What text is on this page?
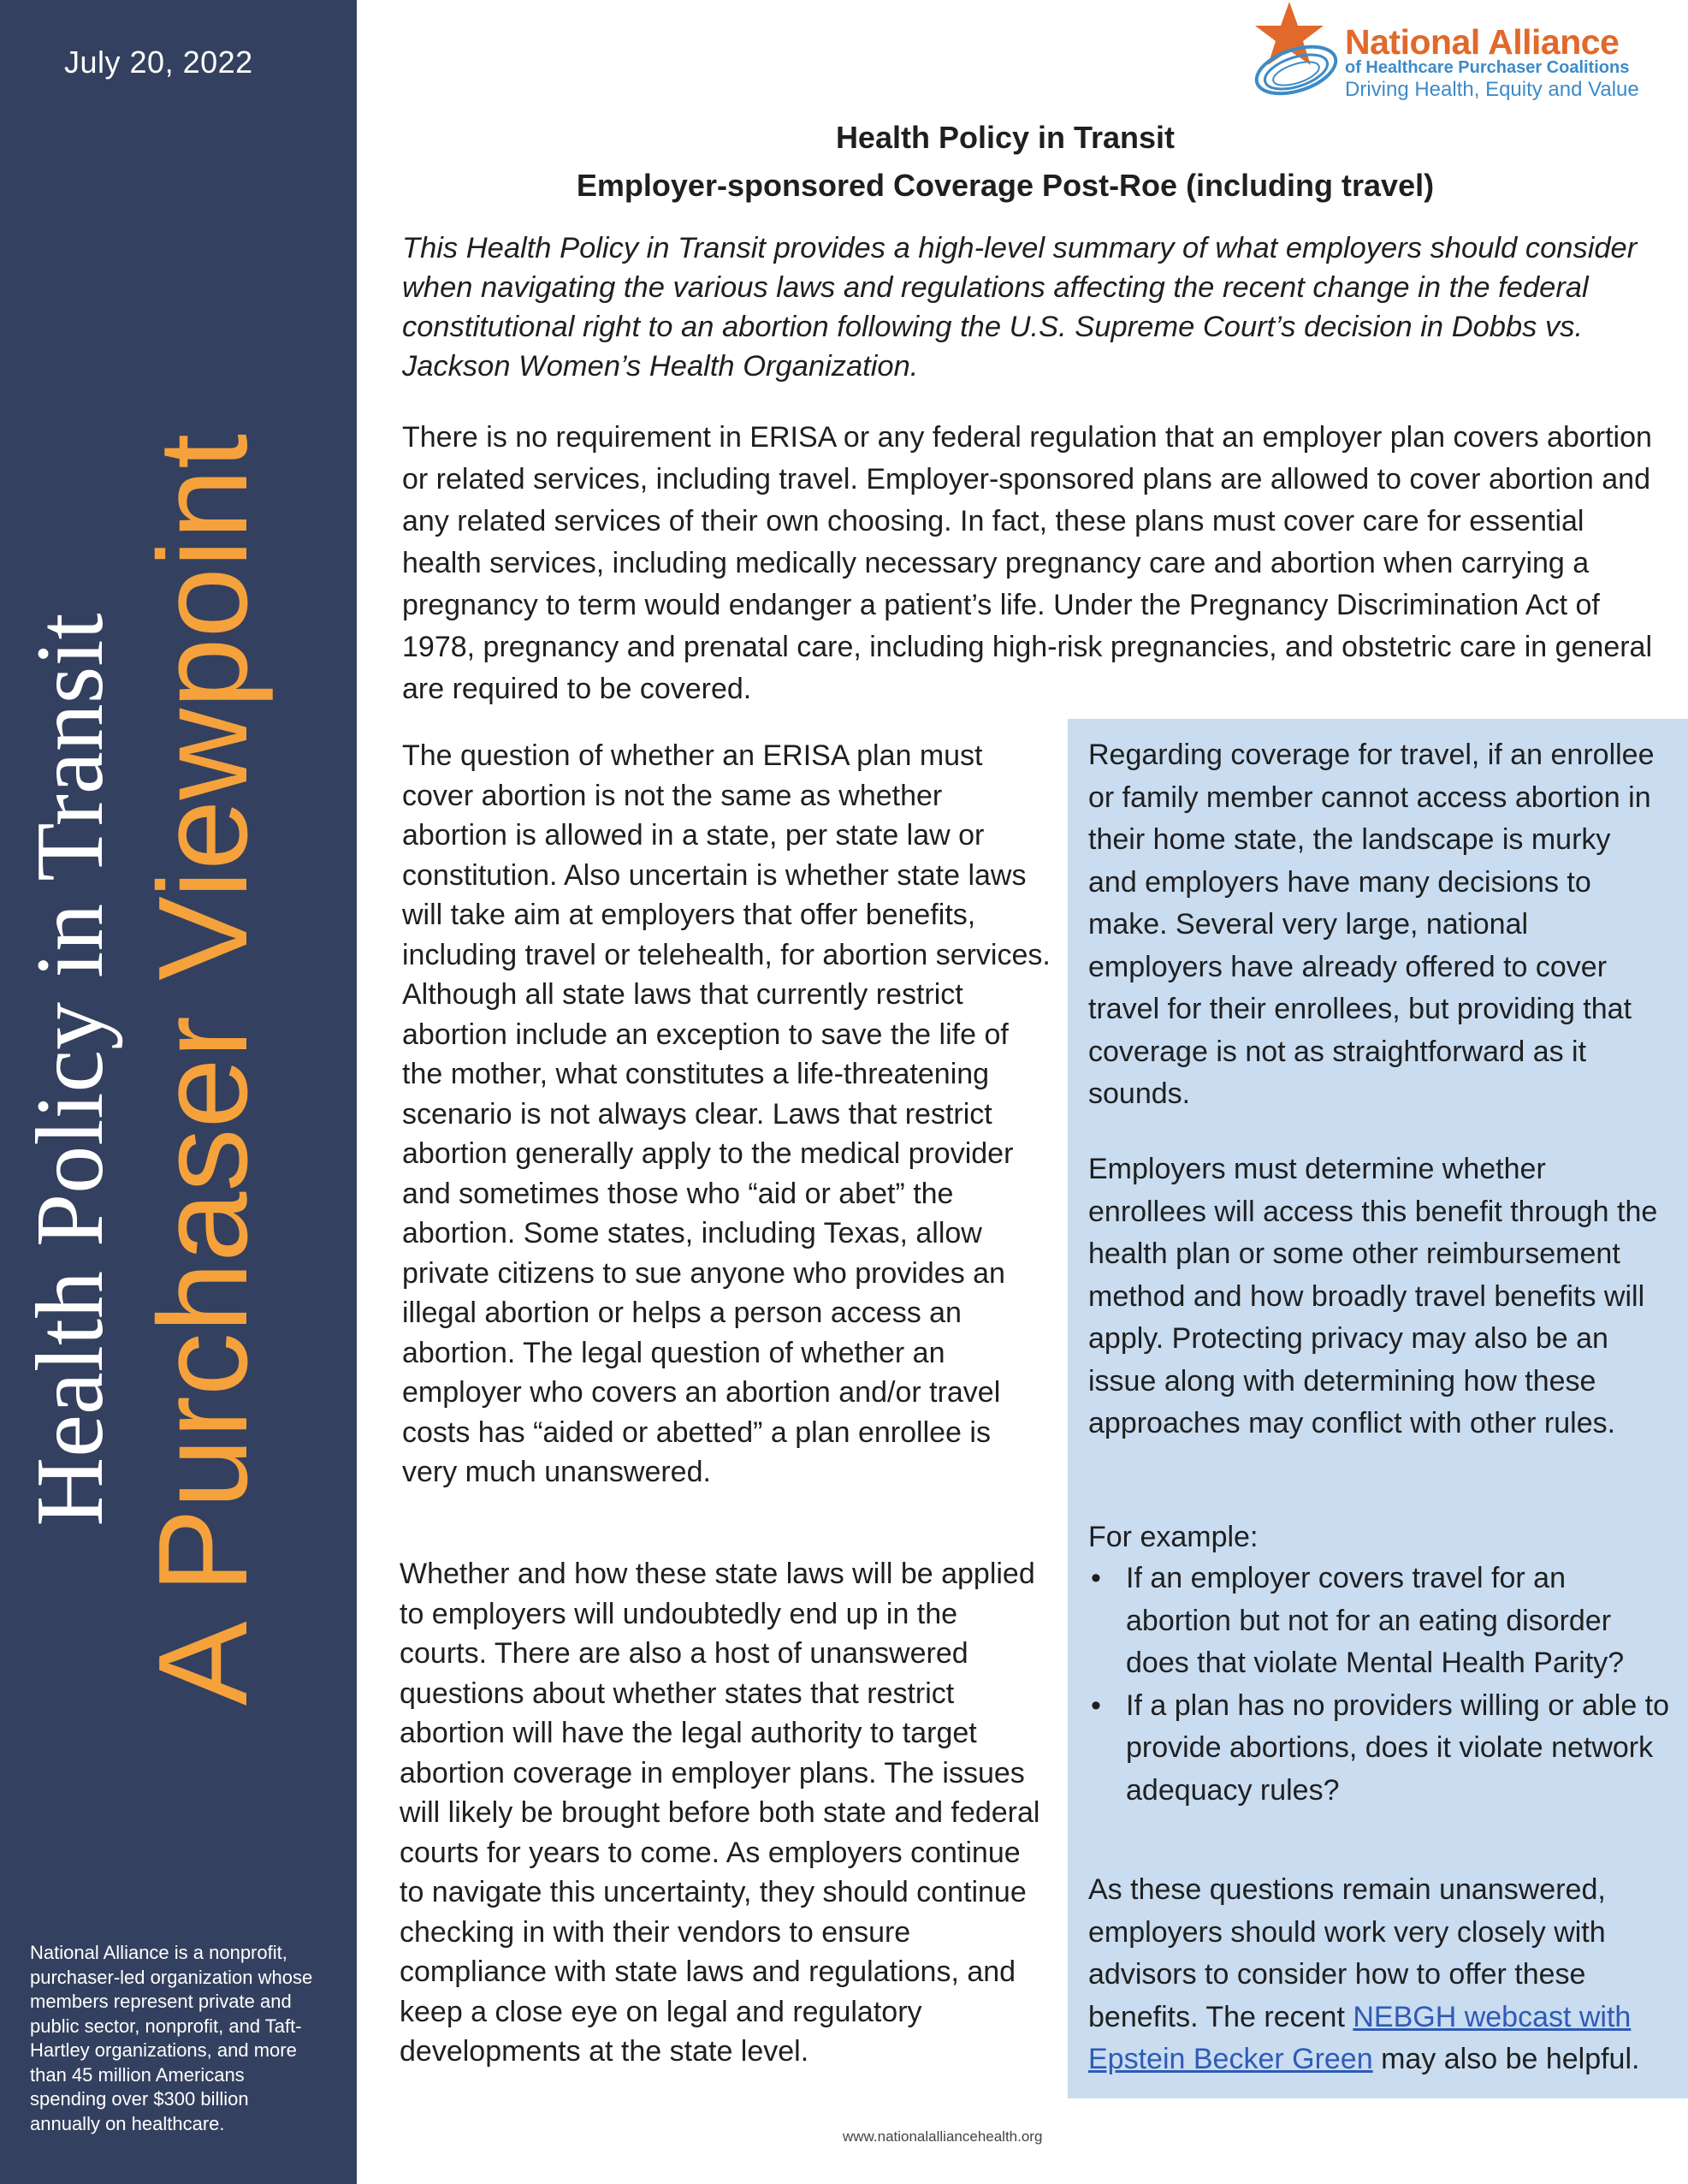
July 20, 2022
Health Policy in Transit A Purchaser Viewpoint
National Alliance is a nonprofit, purchaser-led organization whose members represent private and public sector, nonprofit, and Taft-Hartley organizations, and more than 45 million Americans spending over $300 billion annually on healthcare.
National Alliance
of Healthcare Purchaser Coalitions
Driving Health, Equity and Value
Health Policy in Transit
Employer-sponsored Coverage Post-Roe (including travel)

This Health Policy in Transit provides a high-level summary of what employers should consider when navigating the various laws and regulations affecting the recent change in the federal constitutional right to an abortion following the U.S. Supreme Court’s decision in Dobbs vs. Jackson Women’s Health Organization.

There is no requirement in ERISA or any federal regulation that an employer plan covers abortion or related services, including travel. Employer-sponsored plans are allowed to cover abortion and any related services of their own choosing. In fact, these plans must cover care for essential health services, including medically necessary pregnancy care and abortion when carrying a pregnancy to term would endanger a patient’s life. Under the Pregnancy Discrimination Act of 1978, pregnancy and prenatal care, including high-risk pregnancies, and obstetric care in general are required to be covered.

The question of whether an ERISA plan must cover abortion is not the same as whether abortion is allowed in a state, per state law or constitution. Also uncertain is whether state laws will take aim at employers that offer benefits, including travel or telehealth, for abortion services. Although all state laws that currently restrict abortion include an exception to save the life of the mother, what constitutes a life-threatening scenario is not always clear. Laws that restrict abortion generally apply to the medical provider and sometimes those who “aid or abet” the abortion. Some states, including Texas, allow private citizens to sue anyone who provides an illegal abortion or helps a person access an abortion. The legal question of whether an employer who covers an abortion and/or travel costs has “aided or abetted” a plan enrollee is very much unanswered.

Whether and how these state laws will be applied to employers will undoubtedly end up in the courts. There are also a host of unanswered questions about whether states that restrict abortion will have the legal authority to target abortion coverage in employer plans. The issues will likely be brought before both state and federal courts for years to come. As employers continue to navigate this uncertainty, they should continue checking in with their vendors to ensure compliance with state laws and regulations, and keep a close eye on legal and regulatory developments at the state level.

Regarding coverage for travel, if an enrollee or family member cannot access abortion in their home state, the landscape is murky and employers have many decisions to make. Several very large, national employers have already offered to cover travel for their enrollees, but providing that coverage is not as straightforward as it sounds.

Employers must determine whether enrollees will access this benefit through the health plan or some other reimbursement method and how broadly travel benefits will apply. Protecting privacy may also be an issue along with determining how these approaches may conflict with other rules.

For example:

• If an employer covers travel for an abortion but not for an eating disorder does that violate Mental Health Parity?
• If a plan has no providers willing or able to provide abortions, does it violate network adequacy rules?

As these questions remain unanswered, employers should work very closely with advisors to consider how to offer these benefits. The recent NEBGH webcast with Epstein Becker Green may also be helpful.

www.nationalalliancehealth.org
